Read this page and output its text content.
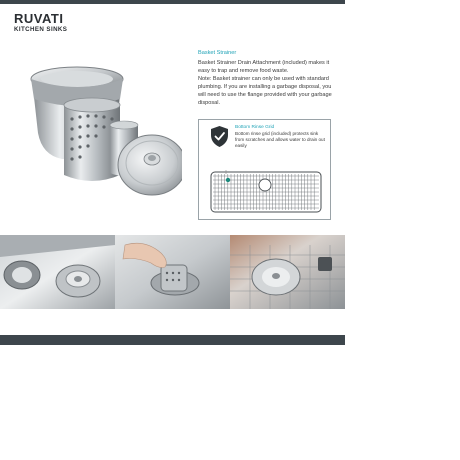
RUVATI
KITCHEN SINKS

Basket Strainer

Basket Strainer Drain Attachment (included) makes it easy to trap and remove food waste.

Note: Basket strainer can only be used with standard plumbing. If you are installing a garbage disposal, you will need to use the flange provided with your garbage disposal.

Bottom Rinse Grid

Bottom rinse grid (included) protects sink from scratches and allows water to drain out easily
